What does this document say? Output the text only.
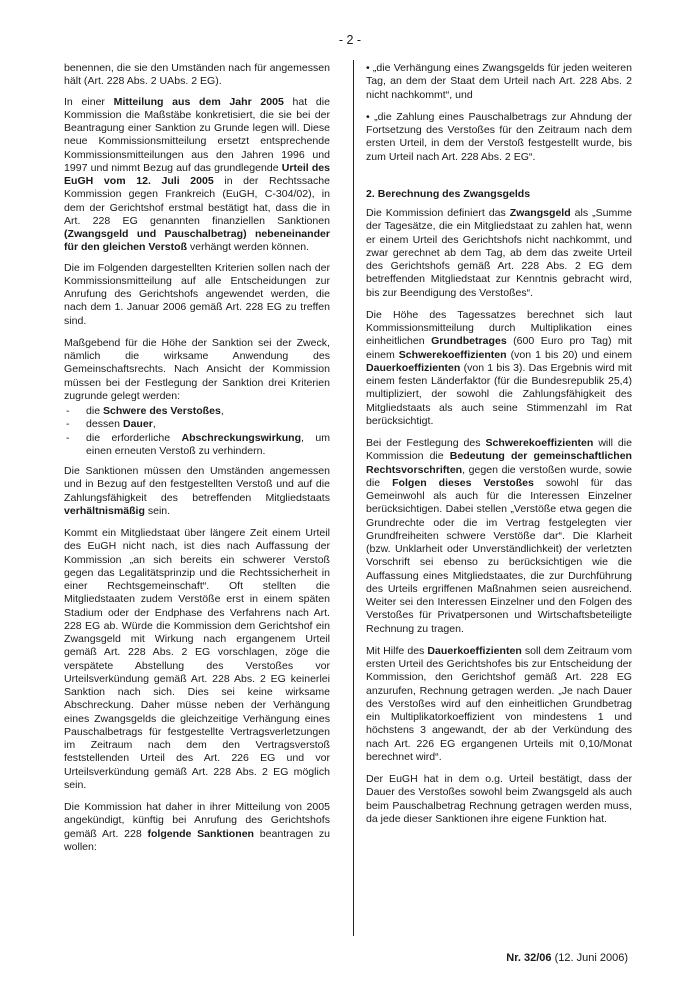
- 2 -

benennen, die sie den Umständen nach für angemessen hält (Art. 228 Abs. 2 UAbs. 2 EG).

In einer Mitteilung aus dem Jahr 2005 hat die Kommission die Maßstäbe konkretisiert, die sie bei der Beantragung einer Sanktion zu Grunde legen will. Diese neue Kommissionsmitteilung ersetzt entsprechende Kommissionsmitteilungen aus den Jahren 1996 und 1997 und nimmt Bezug auf das grundlegende Urteil des EuGH vom 12. Juli 2005 in der Rechtssache Kommission gegen Frankreich (EuGH, C-304/02), in dem der Gerichtshof erstmal bestätigt hat, dass die in Art. 228 EG genannten finanziellen Sanktionen (Zwangsgeld und Pauschalbetrag) nebeneinander für den gleichen Verstoß verhängt werden können.

Die im Folgenden dargestellten Kriterien sollen nach der Kommissionsmitteilung auf alle Entscheidungen zur Anrufung des Gerichtshofs angewendet werden, die nach dem 1. Januar 2006 gemäß Art. 228 EG zu treffen sind.

Maßgebend für die Höhe der Sanktion sei der Zweck, nämlich die wirksame Anwendung des Gemeinschaftsrechts. Nach Ansicht der Kommission müssen bei der Festlegung der Sanktion drei Kriterien zugrunde gelegt werden:

- die Schwere des Verstoßes,
- dessen Dauer,
- die erforderliche Abschreckungswirkung, um einen erneuten Verstoß zu verhindern.

Die Sanktionen müssen den Umständen angemessen und in Bezug auf den festgestellten Verstoß und auf die Zahlungsfähigkeit des betreffenden Mitgliedstaats verhältnismäßig sein.

Kommt ein Mitgliedstaat über längere Zeit einem Urteil des EuGH nicht nach, ist dies nach Auffassung der Kommission „an sich bereits ein schwerer Verstoß gegen das Legalitätsprinzip und die Rechtssicherheit in einer Rechtsgemeinschaft“. Oft stellten die Mitgliedstaaten zudem Verstöße erst in einem späten Stadium oder der Endphase des Verfahrens nach Art. 228 EG ab. Würde die Kommission dem Gerichtshof ein Zwangsgeld mit Wirkung nach ergangenem Urteil gemäß Art. 228 Abs. 2 EG vorschlagen, zöge die verspätete Abstellung des Verstoßes vor Urteilsverkündung gemäß Art. 228 Abs. 2 EG keinerlei Sanktion nach sich. Dies sei keine wirksame Abschreckung. Daher müsse neben der Verhängung eines Zwangsgelds die gleichzeitige Verhängung eines Pauschalbetrags für festgestellte Vertragsverletzungen im Zeitraum nach dem den Vertragsverstoß feststellenden Urteil des Art. 226 EG und vor Urteilsverkündung gemäß Art. 228 Abs. 2 EG möglich sein.

Die Kommission hat daher in ihrer Mitteilung von 2005 angekündigt, künftig bei Anrufung des Gerichtshofs gemäß Art. 228 folgende Sanktionen beantragen zu wollen:

• „die Verhängung eines Zwangsgelds für jeden weiteren Tag, an dem der Staat dem Urteil nach Art. 228 Abs. 2 nicht nachkommt“, und

• „die Zahlung eines Pauschalbetrags zur Ahndung der Fortsetzung des Verstoßes für den Zeitraum nach dem ersten Urteil, in dem der Verstoß festgestellt wurde, bis zum Urteil nach Art. 228 Abs. 2 EG“.

2. Berechnung des Zwangsgelds

Die Kommission definiert das Zwangsgeld als „Summe der Tagesätze, die ein Mitgliedstaat zu zahlen hat, wenn er einem Urteil des Gerichtshofs nicht nachkommt, und zwar gerechnet ab dem Tag, ab dem das zweite Urteil des Gerichtshofs gemäß Art. 228 Abs. 2 EG dem betreffenden Mitgliedstaat zur Kenntnis gebracht wird, bis zur Beendigung des Verstoßes“.

Die Höhe des Tagessatzes berechnet sich laut Kommissionsmitteilung durch Multiplikation eines einheitlichen Grundbetrages (600 Euro pro Tag) mit einem Schwerekoeffizienten (von 1 bis 20) und einem Dauerkoeffizienten (von 1 bis 3). Das Ergebnis wird mit einem festen Länderfaktor (für die Bundesrepublik 25,4) multipliziert, der sowohl die Zahlungsfähigkeit des Mitgliedstaats als auch seine Stimmenzahl im Rat berücksichtigt.

Bei der Festlegung des Schwerekoeffizienten will die Kommission die Bedeutung der gemeinschaftlichen Rechtsvorschriften, gegen die verstoßen wurde, sowie die Folgen dieses Verstoßes sowohl für das Gemeinwohl als auch für die Interessen Einzelner berücksichtigen. Dabei stellen „Verstöße etwa gegen die Grundrechte oder die im Vertrag festgelegten vier Grundfreiheiten schwere Verstöße dar“. Die Klarheit (bzw. Unklarheit oder Unverständlichkeit) der verletzten Vorschrift sei ebenso zu berücksichtigen wie die Auffassung eines Mitgliedstaates, die zur Durchführung des Urteils ergriffenen Maßnahmen seien ausreichend. Weiter sei den Interessen Einzelner und den Folgen des Verstoßes für Privatpersonen und Wirtschaftsbeteiligte Rechnung zu tragen.

Mit Hilfe des Dauerkoeffizienten soll dem Zeitraum vom ersten Urteil des Gerichtshofes bis zur Entscheidung der Kommission, den Gerichtshof gemäß Art. 228 EG anzurufen, Rechnung getragen werden. „Je nach Dauer des Verstoßes wird auf den einheitlichen Grundbetrag ein Multiplikatorkoeffizient von mindestens 1 und höchstens 3 angewandt, der ab der Verkündung des nach Art. 226 EG ergangenen Urteils mit 0,10/Monat berechnet wird“.

Der EuGH hat in dem o.g. Urteil bestätigt, dass der Dauer des Verstoßes sowohl beim Zwangsgeld als auch beim Pauschalbetrag Rechnung getragen werden muss, da jede dieser Sanktionen ihre eigene Funktion hat.

Nr. 32/06 (12. Juni 2006)
